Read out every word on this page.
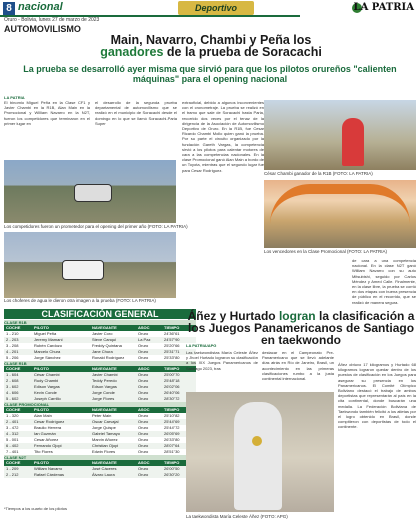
8 nacional	Deportivo	LA PATRIA
Oruro - Bolivia, lunes 27 de marzo de 2023
AUTOMOVILISMO
Main, Navarro, Chambi y Peña los
ganadores de la prueba de Soracachi
La prueba se desarrolló ayer misma que sirvió para que los pilotos orureños "calienten máquinas" para el opening nacional
LA PATRIA
El binomio Miguel Peña en la Clase CF1 y Javier Chambi en la R1B, Alan Main en la Promocional y William Navarro en la N2T, fueron los competidores que terminaron en el primer lugar en
el desarrollo de la segunda prueba departamental de automovilismo que se realizó en el municipio de Soracachi desde el domingo en lo que se llamó Soracachi-Paria Super
extraoficial, debido a algunos inconvenientes con el cronometraje. La prueba se realizó en el tramo que sale de Soracachi hasta Paria, recorrido dos veces por el tenaz de la dirigencia de la Asociación de Automovilismo Deportivo de Oruro. En la R1B, fue Cesar Ricardo Chambi Mollo quien ganó la prueba. Por su parte el circuito organizado por la fundación Gareth Vargas, la competencia sirvió a los pilotos para calentar motores de cara a las competencias nacionales. En la clase Promocional ganó Alan Main a bordo de un Toyota, mientras que el segundo lugar fue para Cesar Rodríguez.
de cara a una competencia nacional. En la clase N2T ganó William Navarro con su auto Mitsubishi, seguido por Carlos Méndez y Amed Calle. Finalmente, en la clase libre, la prueba se corrió en dos etapas con buena presencia de público en el recorrido, que se realizó de manera segura.
Los competidores fueron un prometedor para el opening del primer año (FOTO: LA PATRIA)
Los choferes de agua le dieron otra imagen a la prueba (FOTO: LA PATRIA)
César Chambi ganador de la R1B (FOTO: LA PATRIA)
Los vencedores en la Clase Promocional (FOTO: LA PATRIA)
CLASIFICACIÓN GENERAL
CLASE R1B
COCHE	PILOTO	NAVEGANTE	ASOC	TIEMPO
1 - 210	Miguel Peña	Javier Coro	Oruro	24'36"61
2 - 203	Jeremy Mamani	Steve Canqui	La Paz	24'57"90
3 - 208	Rubén Cardozo	Freddy Quintana	Oruro	25'20"66
4 - 201	Marcelo Chura	Jane Chura	Oruro	25'31"71
5 - 206	Jorge Sánchez	Ronald Rodríguez	Oruro	25'33"80
CLASE R1B
COCHE	PILOTO	NAVEGANTE	ASOC	TIEMPO
1 - 604	César Chambi	Javier Chambi	Oruro	25'00"70
2 - 608	Rudy Chambi	Teddy Peredo	Oruro	25'48"18
3 - 602	Edison Vargas	Edson Vargas	Oruro	26'02"06
4 - 606	Kevin Conde	Jorge Conde	Oruro	26'40"06
5 - 602	Joseph Carrillo	Jorge Flores	Oruro	28'30"72
CLASE PROMOCIONAL
COCHE	PILOTO	NAVEGANTE	ASOC	TIEMPO
1 - 320	Alan Main	Peter Main	Oruro	25'10"82
2 - 401	Cesar Rodríguez	Oscar Carvajal	Oruro	25'44"69
3 - 472	Braulio Herrera	Jorge Quispe	Oruro	25'44"72
4 - 312	Ian Guzmán	Gabriel Tamayo	Oruro	26'05"69
5 - 001	Cesar Añorez	Marvin Añorez	Oruro	26'33"80
6 - 402	Fernando Ojopi	Christian Ojopi	Oruro	28'07"64
7 - 401	Tito Flores	Edwin Flores	Oruro	28'51"30
CLASE N2T
COCHE	PILOTO	NAVEGANTE	ASOC	TIEMPO
1 - 209	William Navarro	José Cáceres	Oruro	26'00"50
2 - 212	Rafael Cárdenas	Álvaro Laura	Oruro	26'30"20
*Tiempos a los cuarto de los pilotos
Áñez y Hurtado logran la clasificación a los Juegos Panamericanos de Santiago en taekwondo
LA PATRIA/APG
Las taekwondistas María Celeste Áñez y Jhoel Hurtado lograron su clasificación a los XIX Juegos Panamericanos de Santiago 2023, tras
destacar en el Campeonato Pre-Panamericano que se llevó adelante días atrás en Río de Janeiro, Brasil, un acontecimiento en las primeras clasificaciones rumbo a la justa continental internacional.
Áñez obtuvo 17 kilogramos y Hurtado 68 kilogramos lograron quedar dentro de los puestos de clasificación en los Juegos para asegurar su presencia en los Panamericanos. El Comité Olímpico Boliviano destacó el trabajo de ambos deportistas que representarán al país en la cita continental, donde buscarán una medalla. La Federación Boliviana de Taekwondo también felicitó a los atletas por el logro obtenido en Brasil, donde compitieron con deportistas de todo el continente.
La taekwondista María Celeste Áñez (FOTO: APG)
